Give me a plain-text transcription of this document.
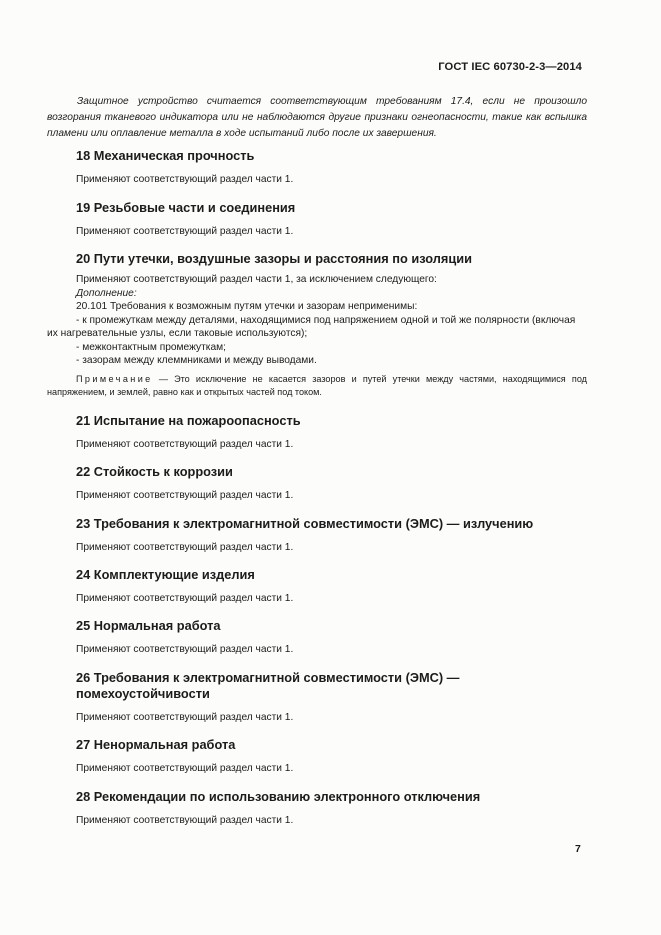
ГОСТ IEC 60730-2-3—2014
Защитное устройство считается соответствующим требованиям 17.4, если не произошло возгорания тканевого индикатора или не наблюдаются другие признаки огнеопасности, такие как вспышка пламени или оплавление металла в ходе испытаний либо после их завершения.
18 Механическая прочность

Применяют соответствующий раздел части 1.

19 Резьбовые части и соединения

Применяют соответствующий раздел части 1.

20 Пути утечки, воздушные зазоры и расстояния по изоляции
Применяют соответствующий раздел части 1, за исключением следующего:
Дополнение:
20.101 Требования к возможным путям утечки и зазорам неприменимы:
- к промежуткам между деталями, находящимися под напряжением одной и той же полярности (включая их нагревательные узлы, если таковые используются);
- межконтактным промежуткам;
- зазорам между клеммниками и между выводами.
Примечание — Это исключение не касается зазоров и путей утечки между частями, находящимися под напряжением, и землей, равно как и открытых частей под током.
21 Испытание на пожароопасность

Применяют соответствующий раздел части 1.

22 Стойкость к коррозии

Применяют соответствующий раздел части 1.

23 Требования к электромагнитной совместимости (ЭМС) — излучению

Применяют соответствующий раздел части 1.

24 Комплектующие изделия

Применяют соответствующий раздел части 1.

25 Нормальная работа

Применяют соответствующий раздел части 1.

26 Требования к электромагнитной совместимости (ЭМС) — помехоустойчивости

Применяют соответствующий раздел части 1.

27 Ненормальная работа

Применяют соответствующий раздел части 1.

28 Рекомендации по использованию электронного отключения

Применяют соответствующий раздел части 1.

7
